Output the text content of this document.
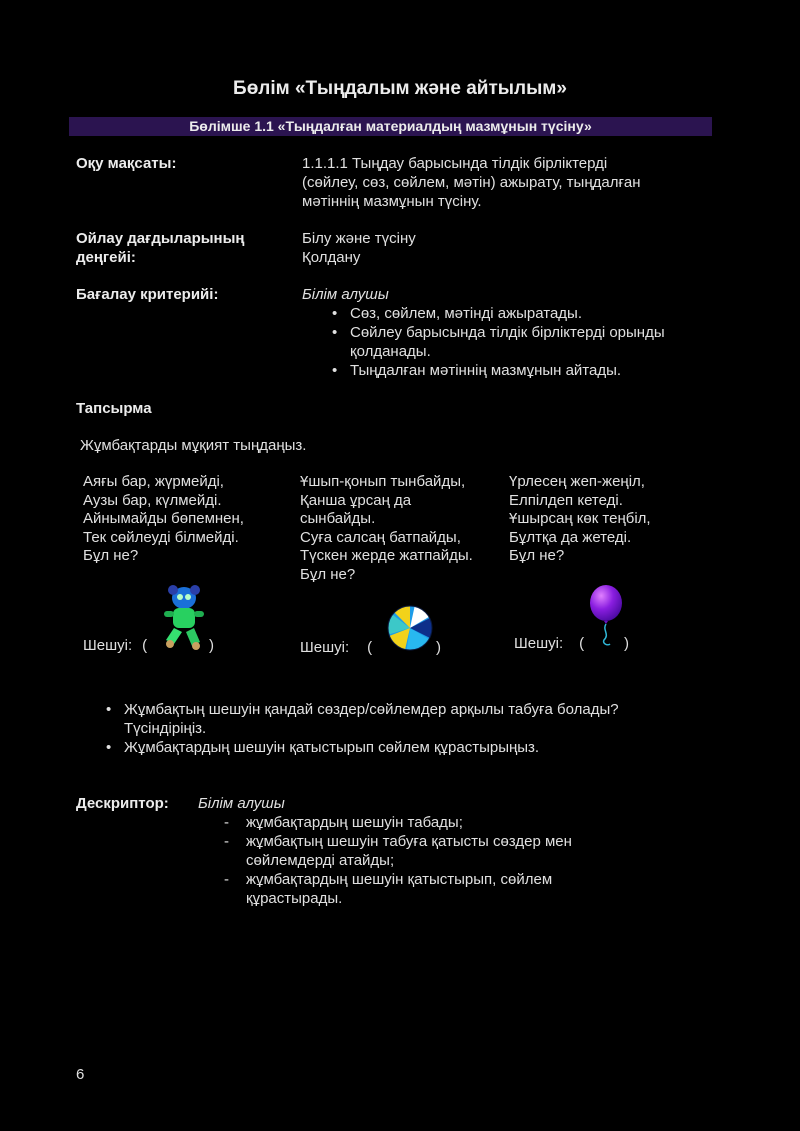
Бөлім «Тыңдалым және айтылым»
Бөлімше 1.1 «Тыңдалған материалдың мазмұнын түсіну»
Оқу мақсаты:	1.1.1.1 Тыңдау барысында тілдік бірліктерді
(сөйлеу, сөз, сөйлем, мәтін) ажырату, тыңдалған
мәтіннің мазмұнын түсіну.
Ойлау дағдыларының
деңгейі:
Білу және түсіну
Қолдану
Бағалау критерийі:	Білім алушы
• Сөз, сөйлем, мәтінді ажыратады.
• Сөйлеу барысында тілдік бірліктерді орынды қолданады.
• Тыңдалған мәтіннің мазмұнын айтады.
Тапсырма
Жұмбақтарды мұқият тыңдаңыз.
Аяғы бар, жүрмейді,
Аузы бар, күлмейді.
Айнымайды бөпемнен,
Тек сөйлеуді білмейді.
Бұл не?
Ұшып-қонып тынбайды,
Қанша ұрсаң да
сынбайды.
Суға салсаң батпайды,
Түскен жерде жатпайды.
Бұл не?
Үрлесең жеп-жеңіл,
Елпілдеп кетеді.
Ұшырсаң көк теңбіл,
Бұлтқа да жетеді.
Бұл не?
Шешуі: (	)	Шешуі: (	)	Шешуі: (	)
• Жұмбақтың шешуін қандай сөздер/сөйлемдер арқылы табуға болады? Түсіндіріңіз.
• Жұмбақтардың шешуін қатыстырып сөйлем құрастырыңыз.
Дескриптор: Білім алушы
- жұмбақтардың шешуін табады;
- жұмбақтың шешуін табуға қатысты сөздер мен сөйлемдерді атайды;
- жұмбақтардың шешуін қатыстырып, сөйлем құрастырады.
6
